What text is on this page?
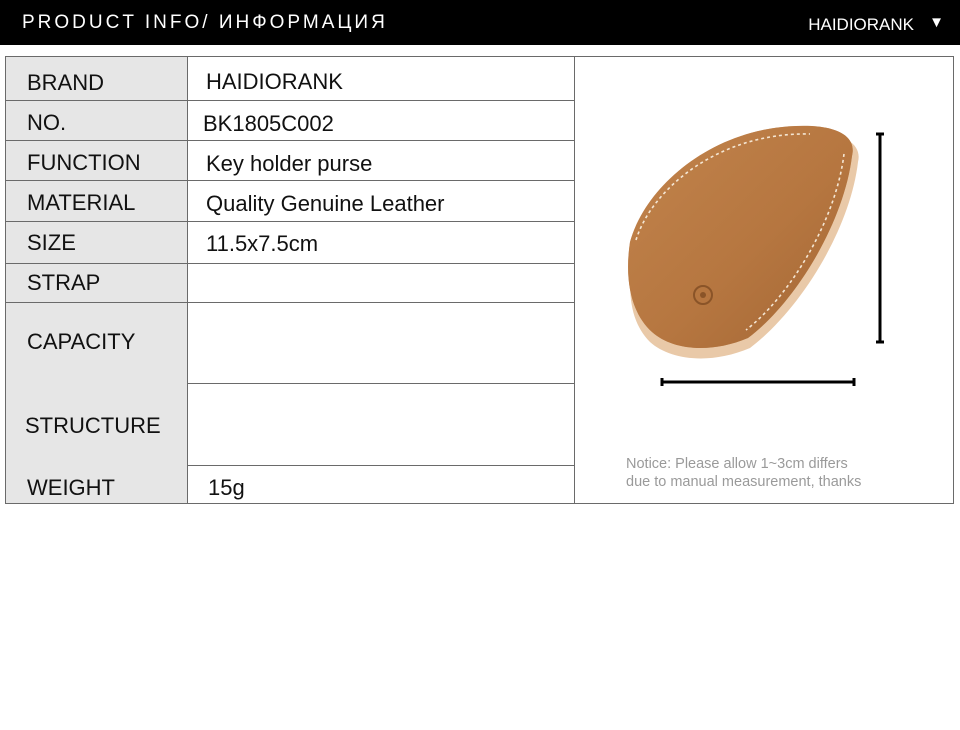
PRODUCT INFO/ ИНФОРМАЦИЯ	HAIDIORANK ▼
BRAND
NO.
FUNCTION
MATERIAL
SIZE
STRAP
CAPACITY
STRUCTURE
WEIGHT
HAIDIORANK
BK1805C002
Key holder purse
Quality Genuine Leather
11.5x7.5cm
15g
Notice: Please allow 1~3cm differs
due to manual measurement, thanks
